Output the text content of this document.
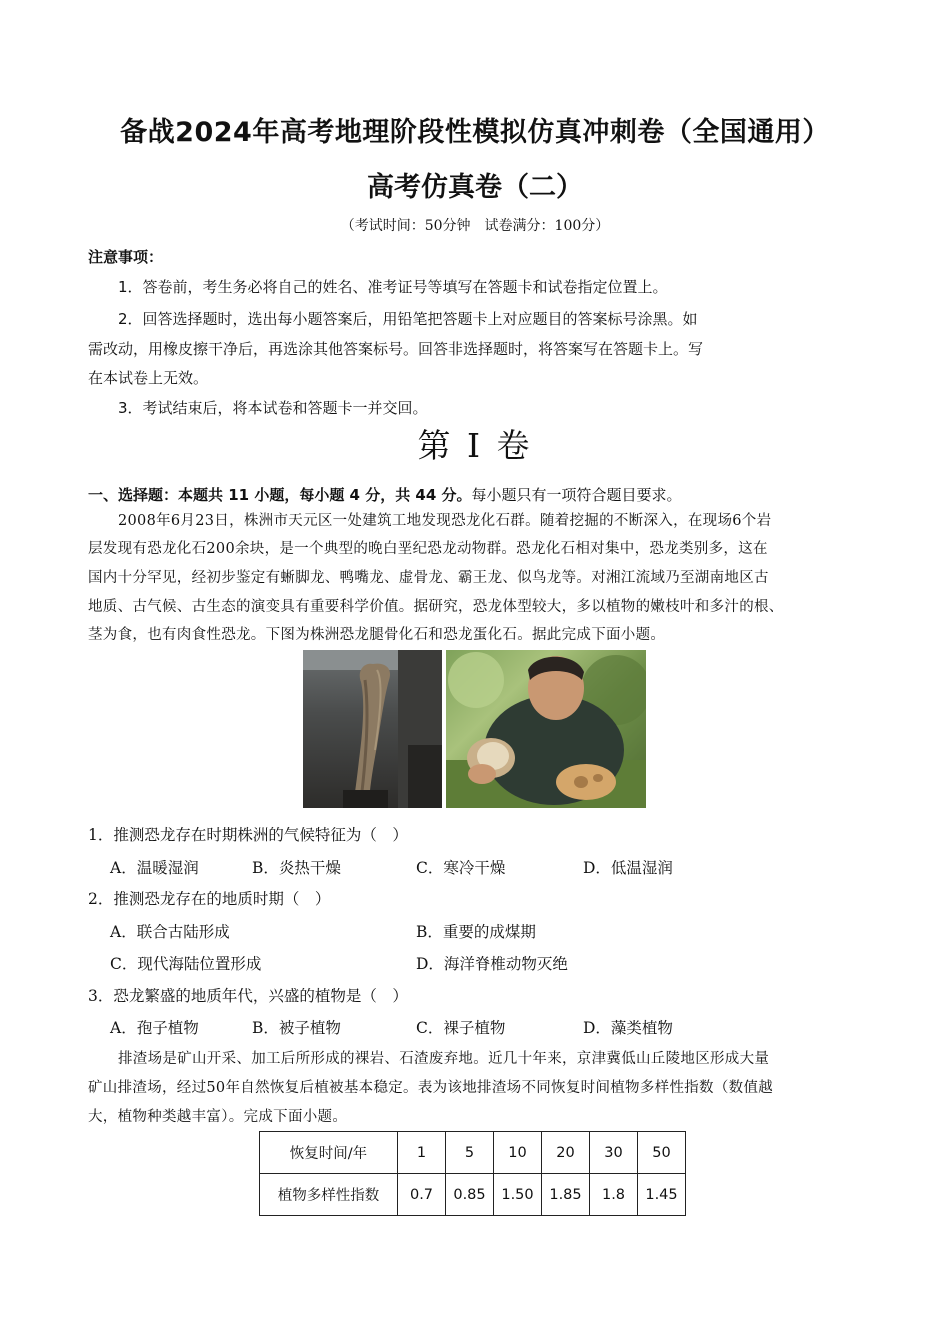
备战2024年高考地理阶段性模拟仿真冲刺卷（全国通用）
高考仿真卷（二）
（考试时间：50分钟　试卷满分：100分）
注意事项：
1．答卷前，考生务必将自己的姓名、准考证号等填写在答题卡和试卷指定位置上。
2．回答选择题时，选出每小题答案后，用铅笔把答题卡上对应题目的答案标号涂黑。如
需改动，用橡皮擦干净后，再选涂其他答案标号。回答非选择题时，将答案写在答题卡上。写
在本试卷上无效。
3．考试结束后，将本试卷和答题卡一并交回。
第 I 卷
一、选择题：本题共 11 小题，每小题 4 分，共 44 分。每小题只有一项符合题目要求。
2008年6月23日，株洲市天元区一处建筑工地发现恐龙化石群。随着挖掘的不断深入，在现场6个岩
层发现有恐龙化石200余块，是一个典型的晚白垩纪恐龙动物群。恐龙化石相对集中，恐龙类别多，这在
国内十分罕见，经初步鉴定有蜥脚龙、鸭嘴龙、虚骨龙、霸王龙、似鸟龙等。对湘江流域乃至湖南地区古
地质、古气候、古生态的演变具有重要科学价值。据研究，恐龙体型较大，多以植物的嫩枝叶和多汁的根、
茎为食，也有肉食性恐龙。下图为株洲恐龙腿骨化石和恐龙蛋化石。据此完成下面小题。
1．推测恐龙存在时期株洲的气候特征为（　）
A．温暖湿润	B．炎热干燥	C．寒冷干燥	D．低温湿润
2．推测恐龙存在的地质时期（　）
A．联合古陆形成	B．重要的成煤期
C．现代海陆位置形成	D．海洋脊椎动物灭绝
3．恐龙繁盛的地质年代，兴盛的植物是（　）
A．孢子植物	B．被子植物	C．裸子植物	D．藻类植物
排渣场是矿山开采、加工后所形成的裸岩、石渣废弃地。近几十年来，京津冀低山丘陵地区形成大量
矿山排渣场，经过50年自然恢复后植被基本稳定。表为该地排渣场不同恢复时间植物多样性指数（数值越
大，植物种类越丰富）。完成下面小题。
恢复时间/年	1	5	10	20	30	50
植物多样性指数	0.7	0.85	1.50	1.85	1.8	1.45
